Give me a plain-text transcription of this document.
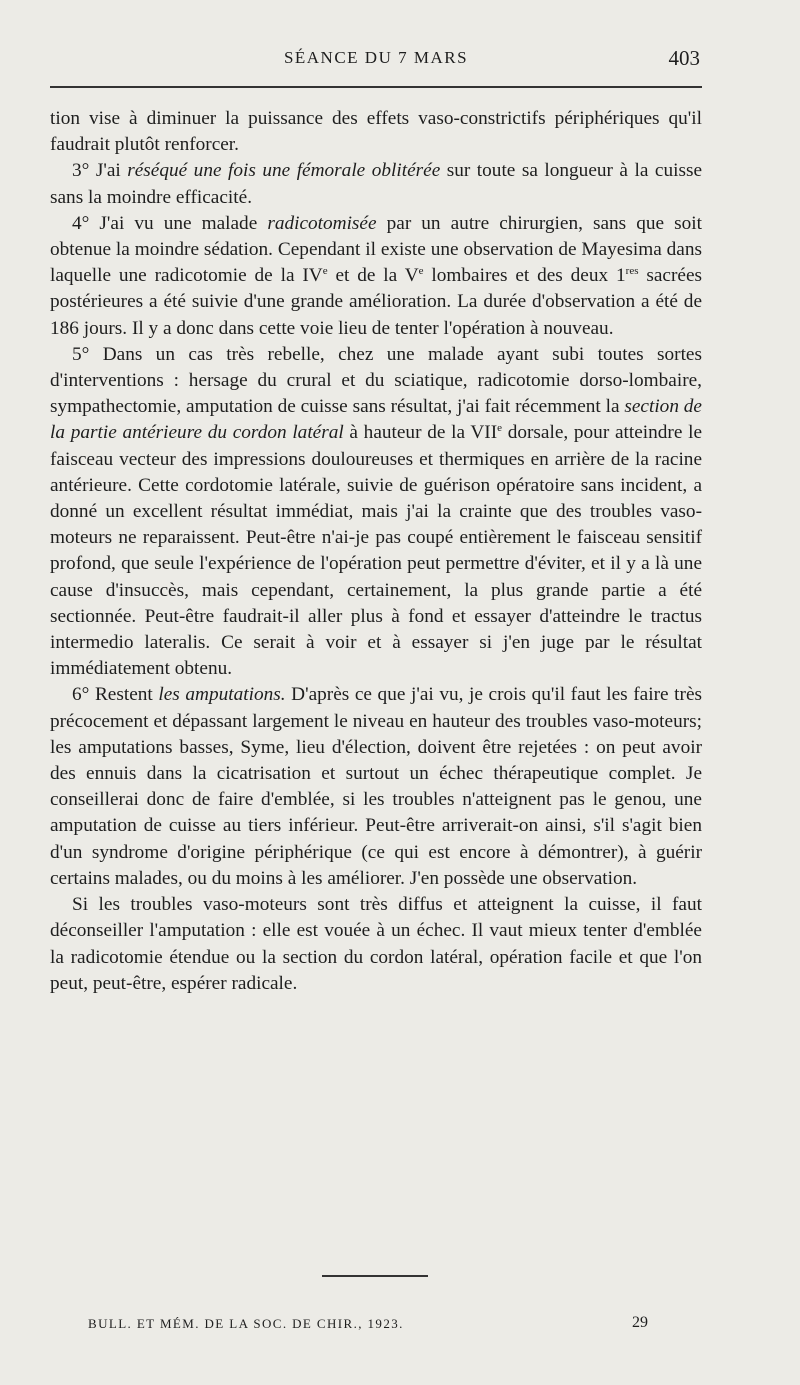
SÉANCE DU 7 MARS	403

tion vise à diminuer la puissance des effets vaso-constrictifs périphériques qu'il faudrait plutôt renforcer.

3° J'ai réséqué une fois une fémorale oblitérée sur toute sa longueur à la cuisse sans la moindre efficacité.

4° J'ai vu une malade radicotomisée par un autre chirurgien, sans que soit obtenue la moindre sédation. Cependant il existe une observation de Mayesima dans laquelle une radicotomie de la IVe et de la Ve lombaires et des deux 1res sacrées postérieures a été suivie d'une grande amélioration. La durée d'observation a été de 186 jours. Il y a donc dans cette voie lieu de tenter l'opération à nouveau.

5° Dans un cas très rebelle, chez une malade ayant subi toutes sortes d'interventions : hersage du crural et du sciatique, radicotomie dorso-lombaire, sympathectomie, amputation de cuisse sans résultat, j'ai fait récemment la section de la partie antérieure du cordon latéral à hauteur de la VIIe dorsale, pour atteindre le faisceau vecteur des impressions douloureuses et thermiques en arrière de la racine antérieure. Cette cordotomie latérale, suivie de guérison opératoire sans incident, a donné un excellent résultat immédiat, mais j'ai la crainte que des troubles vaso-moteurs ne reparaissent. Peut-être n'ai-je pas coupé entièrement le faisceau sensitif profond, que seule l'expérience de l'opération peut permettre d'éviter, et il y a là une cause d'insuccès, mais cependant, certainement, la plus grande partie a été sectionnée. Peut-être faudrait-il aller plus à fond et essayer d'atteindre le tractus intermedio lateralis. Ce serait à voir et à essayer si j'en juge par le résultat immédiatement obtenu.

6° Restent les amputations. D'après ce que j'ai vu, je crois qu'il faut les faire très précocement et dépassant largement le niveau en hauteur des troubles vaso-moteurs; les amputations basses, Syme, lieu d'élection, doivent être rejetées : on peut avoir des ennuis dans la cicatrisation et surtout un échec thérapeutique complet. Je conseillerai donc de faire d'emblée, si les troubles n'atteignent pas le genou, une amputation de cuisse au tiers inférieur. Peut-être arriverait-on ainsi, s'il s'agit bien d'un syndrome d'origine périphérique (ce qui est encore à démontrer), à guérir certains malades, ou du moins à les améliorer. J'en possède une observation.

Si les troubles vaso-moteurs sont très diffus et atteignent la cuisse, il faut déconseiller l'amputation : elle est vouée à un échec. Il vaut mieux tenter d'emblée la radicotomie étendue ou la section du cordon latéral, opération facile et que l'on peut, peut-être, espérer radicale.

BULL. ET MÉM. DE LA SOC. DE CHIR., 1923.	29
